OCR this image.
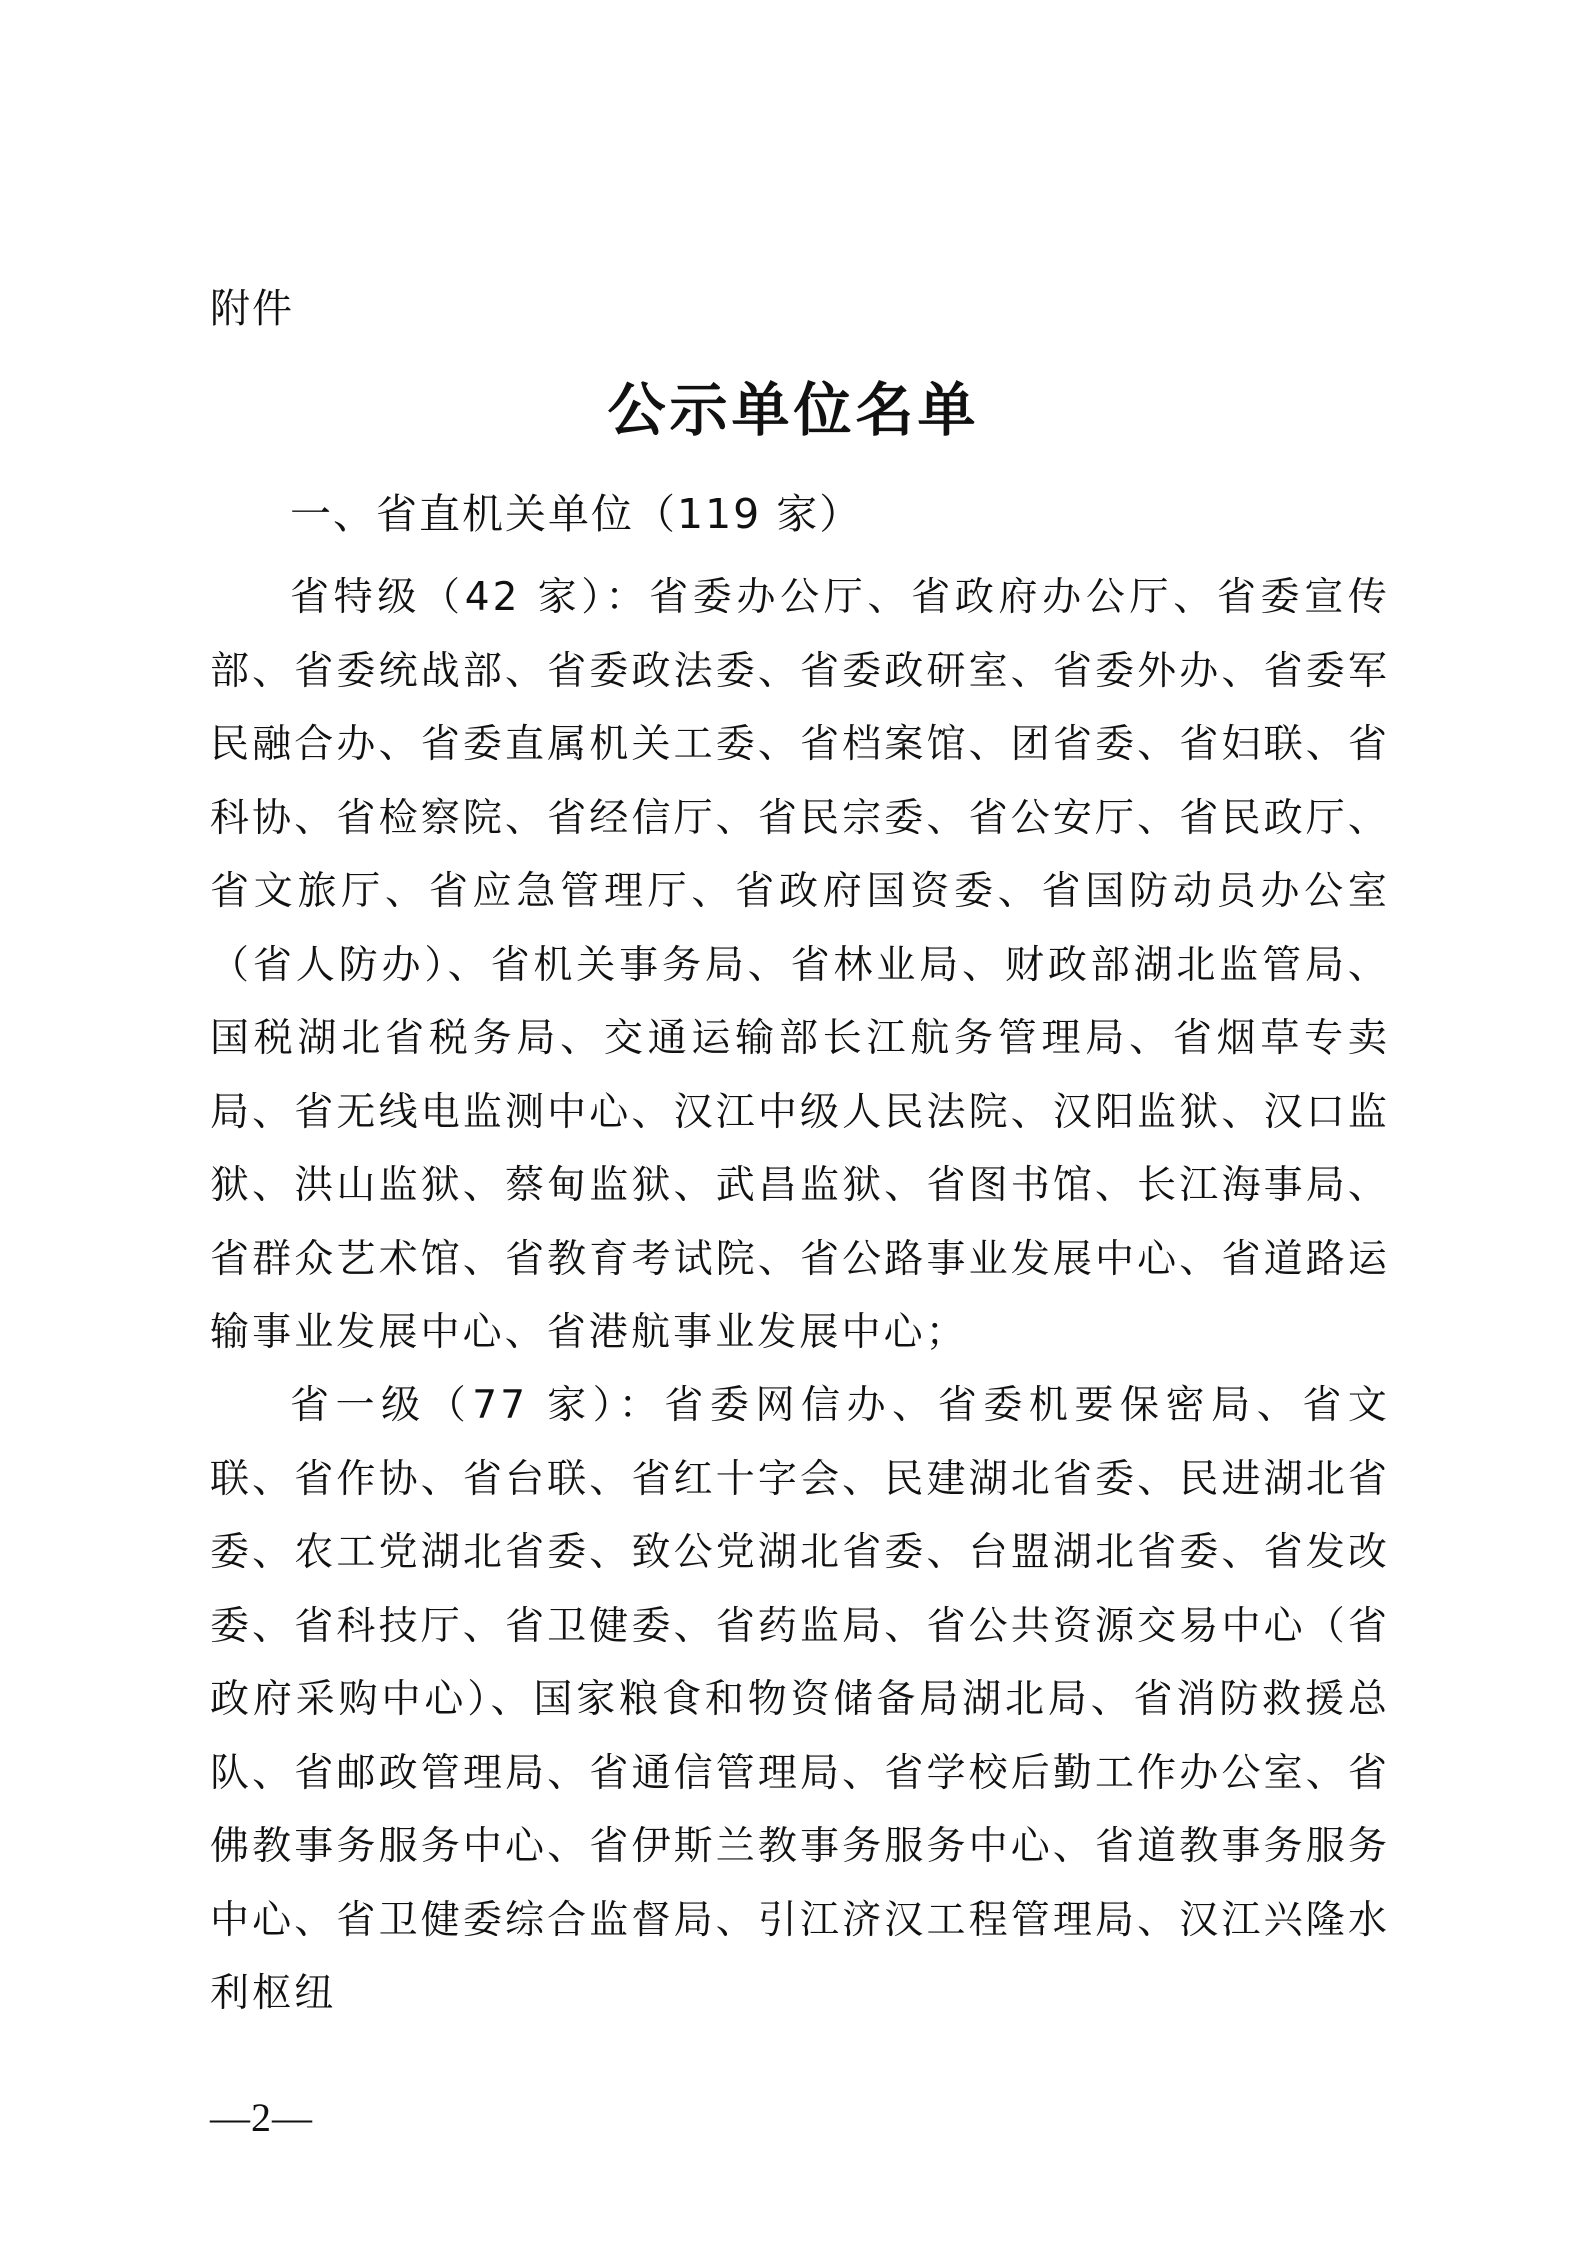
附件
公示单位名单
一、省直机关单位（119 家）

省特级（42 家）：省委办公厅、省政府办公厅、省委宣传部、省委统战部、省委政法委、省委政研室、省委外办、省委军民融合办、省委直属机关工委、省档案馆、团省委、省妇联、省科协、省检察院、省经信厅、省民宗委、省公安厅、省民政厅、省文旅厅、省应急管理厅、省政府国资委、省国防动员办公室（省人防办）、省机关事务局、省林业局、财政部湖北监管局、国税湖北省税务局、交通运输部长江航务管理局、省烟草专卖局、省无线电监测中心、汉江中级人民法院、汉阳监狱、汉口监狱、洪山监狱、蔡甸监狱、武昌监狱、省图书馆、长江海事局、省群众艺术馆、省教育考试院、省公路事业发展中心、省道路运输事业发展中心、省港航事业发展中心；

省一级（77 家）：省委网信办、省委机要保密局、省文联、省作协、省台联、省红十字会、民建湖北省委、民进湖北省委、农工党湖北省委、致公党湖北省委、台盟湖北省委、省发改委、省科技厅、省卫健委、省药监局、省公共资源交易中心（省政府采购中心）、国家粮食和物资储备局湖北局、省消防救援总队、省邮政管理局、省通信管理局、省学校后勤工作办公室、省佛教事务服务中心、省伊斯兰教事务服务中心、省道教事务服务中心、省卫健委综合监督局、引江济汉工程管理局、汉江兴隆水利枢纽

—2—
